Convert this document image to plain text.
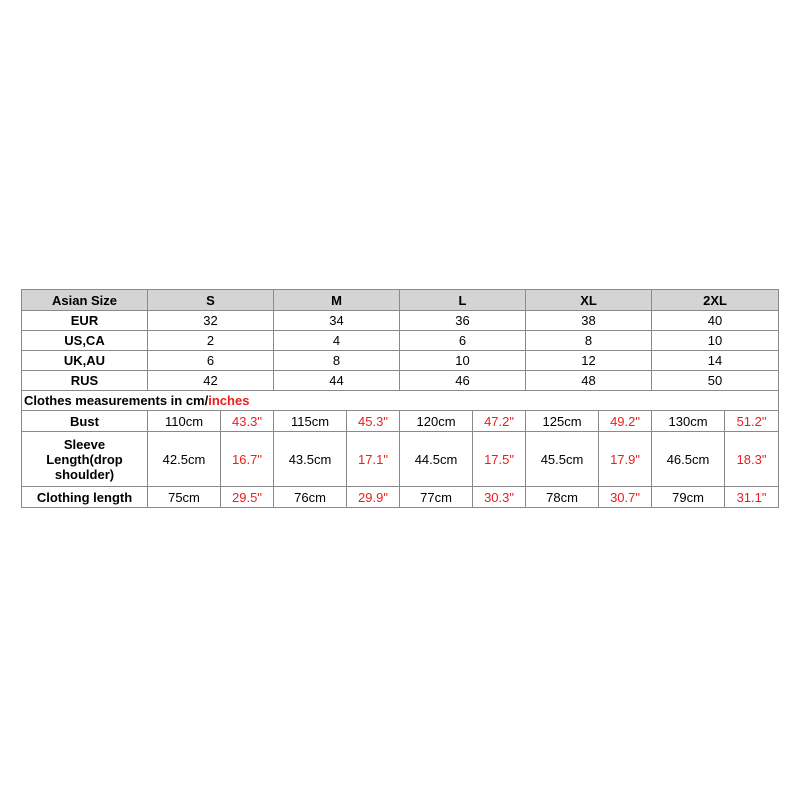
Asian Size	S		M		L		XL		2XL	
EUR	32		34		36		38		40	
US,CA	2		4		6		8		10	
UK,AU	6		8		10		12		14	
RUS	42		44		46		48		50	
Clothes measurements in cm/inches										
Bust	110cm	43.3"	115cm	45.3"	120cm	47.2"	125cm	49.2"	130cm	51.2"
Sleeve Length(drop shoulder)	42.5cm	16.7"	43.5cm	17.1"	44.5cm	17.5"	45.5cm	17.9"	46.5cm	18.3"
Clothing length	75cm	29.5"	76cm	29.9"	77cm	30.3"	78cm	30.7"	79cm	31.1"
